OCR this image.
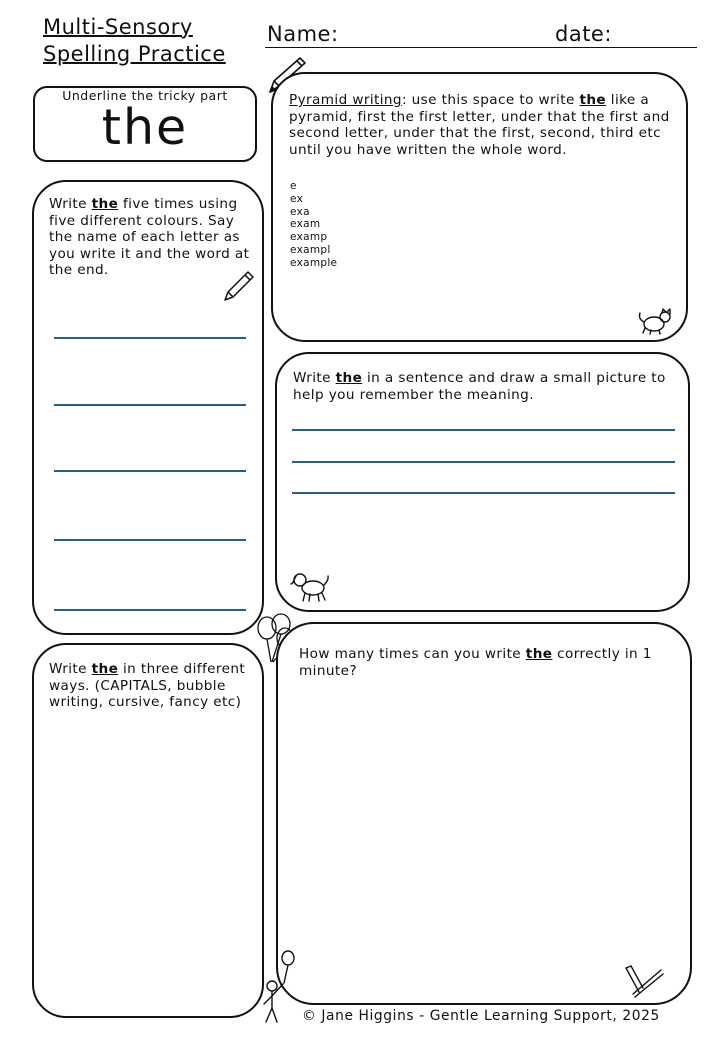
Multi-Sensory
Spelling Practice
Name:	date:
Underline the tricky part
the
Write the five times using five different colours. Say the name of each letter as you write it and the word at the end.
Pyramid writing: use this space to write the like a pyramid, first the first letter, under that the first and second letter, under that the first, second, third etc until you have written the whole word.
e
ex
exa
exam
examp
exampl
example
Write the in a sentence and draw a small picture to help you remember the meaning.
Write the in three different ways. (CAPITALS, bubble writing, cursive, fancy etc)
How many times can you write the correctly in 1 minute?
© Jane Higgins - Gentle Learning Support, 2025
